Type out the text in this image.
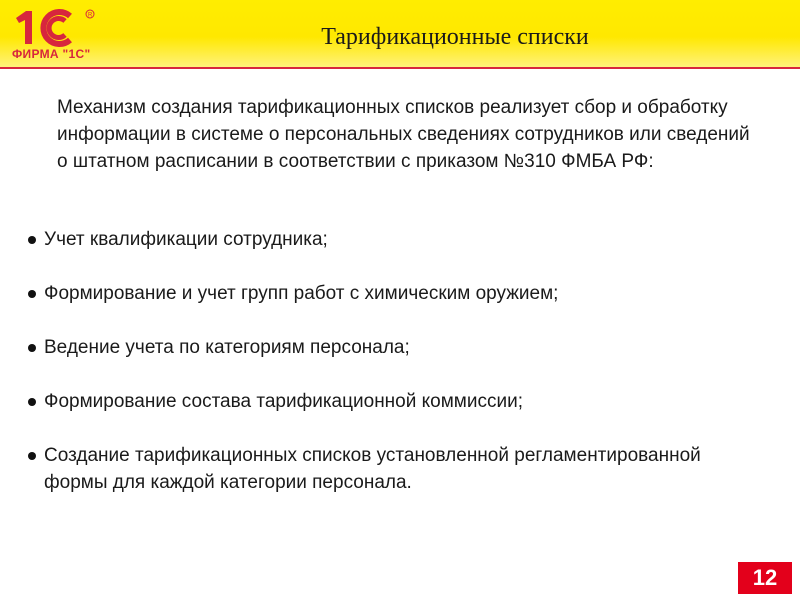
R
ФИРМА "1С"
Тарификационные списки

Механизм создания тарификационных списков реализует сбор и обработку информации в системе о персональных сведениях сотрудников или сведений о штатном расписании в соответствии с приказом №310 ФМБА РФ:

Учет квалификации сотрудника;
Формирование и учет групп работ с химическим оружием;
Ведение учета по категориям персонала;
Формирование состава тарификационной коммиссии;
Создание тарификационных списков установленной регламентированной формы для каждой категории персонала.
12
